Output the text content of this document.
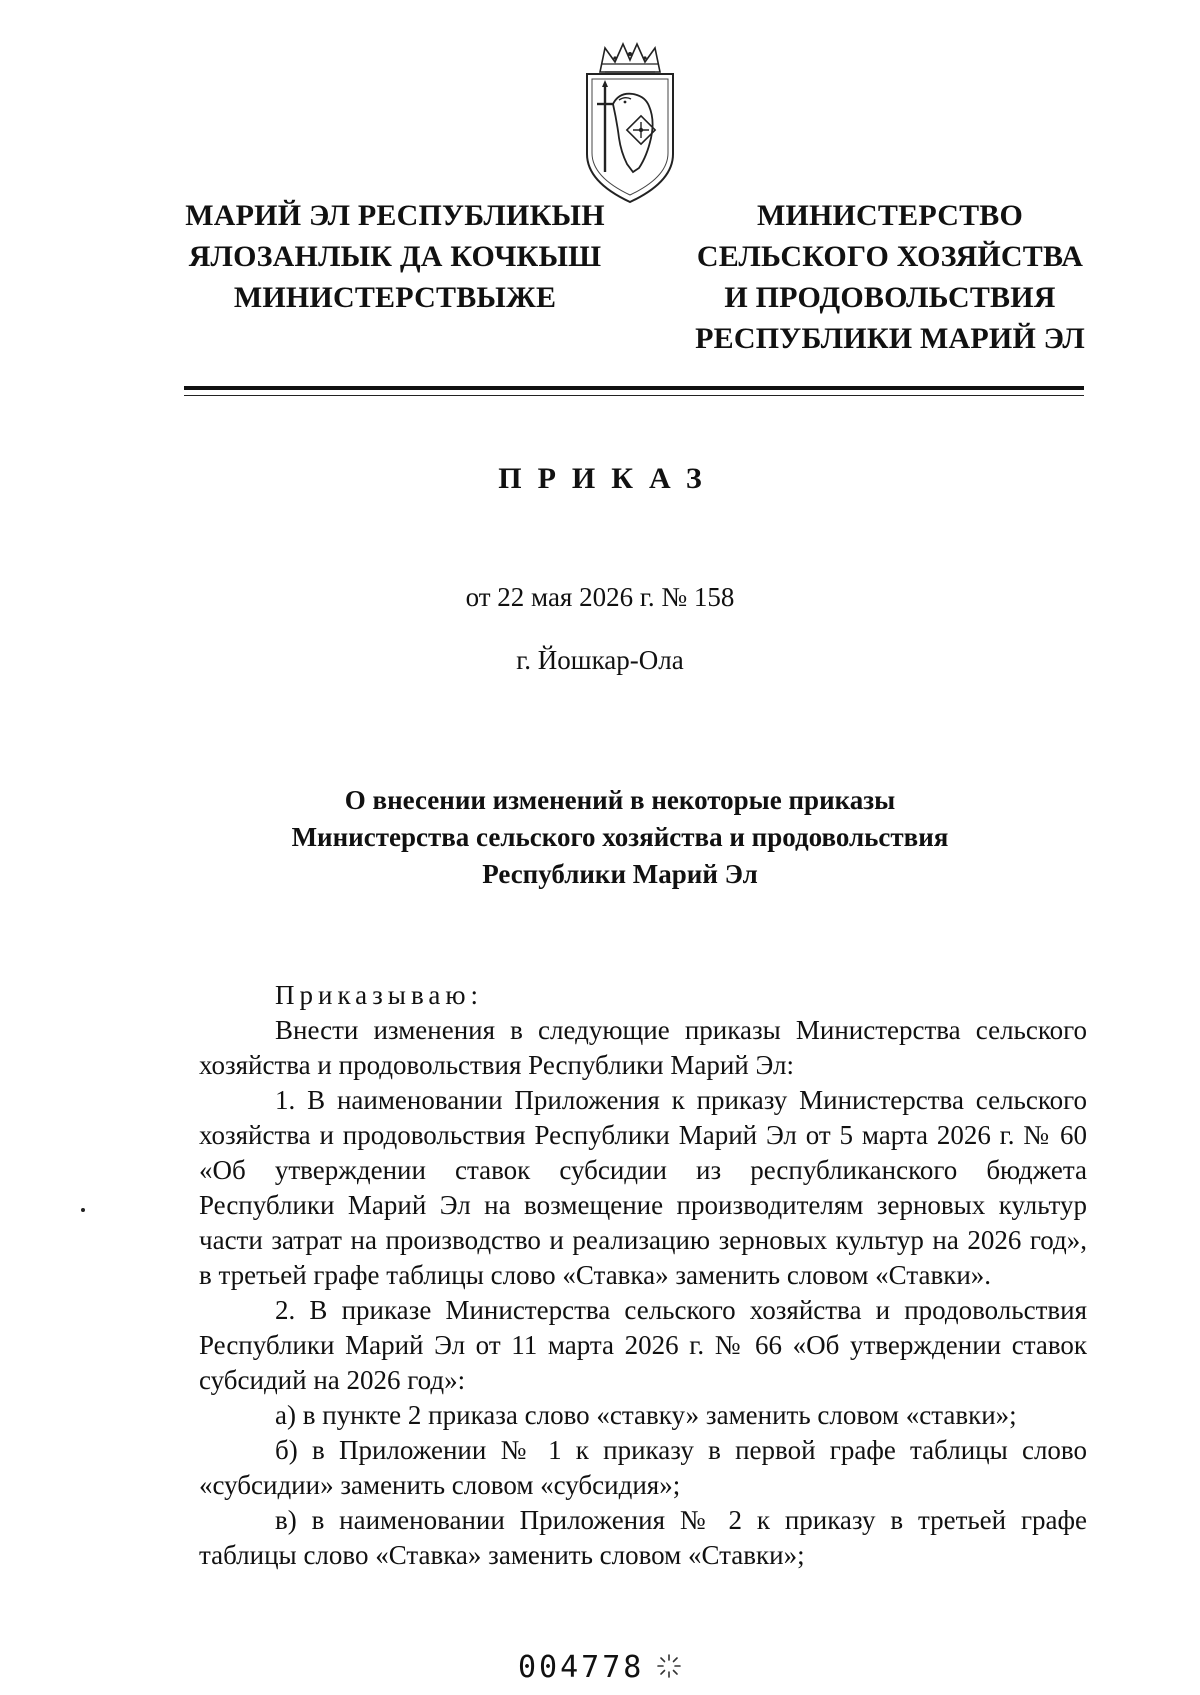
МАРИЙ ЭЛ РЕСПУБЛИКЫН
ЯЛОЗАНЛЫК ДА КОЧКЫШ
МИНИСТЕРСТВЫЖЕ
МИНИСТЕРСТВО
СЕЛЬСКОГО ХОЗЯЙСТВА
И ПРОДОВОЛЬСТВИЯ
РЕСПУБЛИКИ МАРИЙ ЭЛ
ПРИКАЗ
от 22 мая 2026 г. № 158
г. Йошкар-Ола
О внесении изменений в некоторые приказы
Министерства сельского хозяйства и продовольствия
Республики Марий Эл

Приказываю:

Внести изменения в следующие приказы Министерства сельского хозяйства и продовольствия Республики Марий Эл:

1. В наименовании Приложения к приказу Министерства сельского хозяйства и продовольствия Республики Марий Эл от 5 марта 2026 г. № 60 «Об утверждении ставок субсидии из республиканского бюджета Республики Марий Эл на возмещение производителям зерновых культур части затрат на производство и реализацию зерновых культур на 2026 год», в третьей графе таблицы слово «Ставка» заменить словом «Ставки».

2. В приказе Министерства сельского хозяйства и продовольствия Республики Марий Эл от 11 марта 2026 г. № 66 «Об утверждении ставок субсидий на 2026 год»:

а) в пункте 2 приказа слово «ставку» заменить словом «ставки»;

б) в Приложении № 1 к приказу в первой графе таблицы слово «субсидии» заменить словом «субсидия»;

в) в наименовании Приложения № 2 к приказу в третьей графе таблицы слово «Ставка» заменить словом «Ставки»;

004778
